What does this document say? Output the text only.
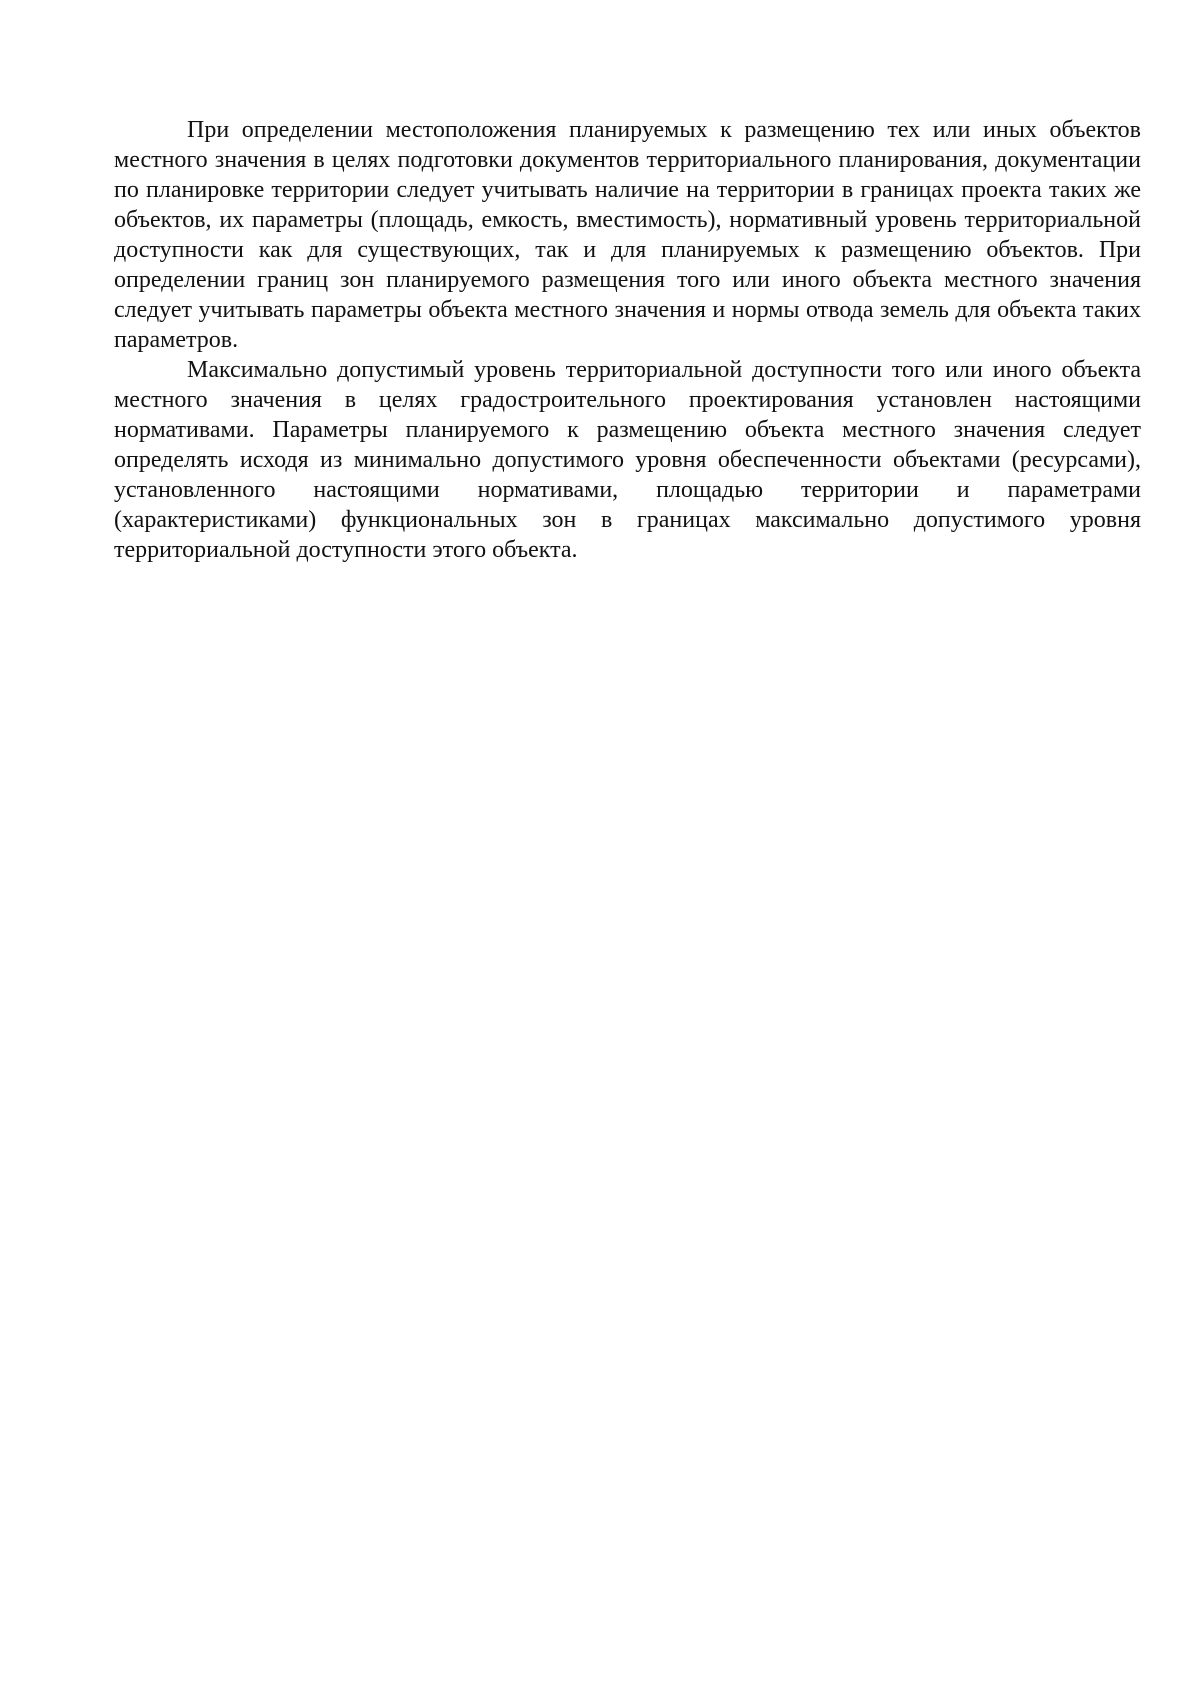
При определении местоположения планируемых к размещению тех или иных объектов местного значения в целях подготовки документов территориального планирования, документации по планировке территории следует учитывать наличие на территории в границах проекта таких же объектов, их параметры (площадь, емкость, вместимость), нормативный уровень территориальной доступности как для существующих, так и для планируемых к размещению объектов. При определении границ зон планируемого размещения того или иного объекта местного значения следует учитывать параметры объекта местного значения и нормы отвода земель для объекта таких параметров.

Максимально допустимый уровень территориальной доступности того или иного объекта местного значения в целях градостроительного проектирования установлен настоящими нормативами. Параметры планируемого к размещению объекта местного значения следует определять исходя из минимально допустимого уровня обеспеченности объектами (ресурсами), установленного настоящими нормативами, площадью территории и параметрами (характеристиками) функциональных зон в границах максимально допустимого уровня территориальной доступности этого объекта.
